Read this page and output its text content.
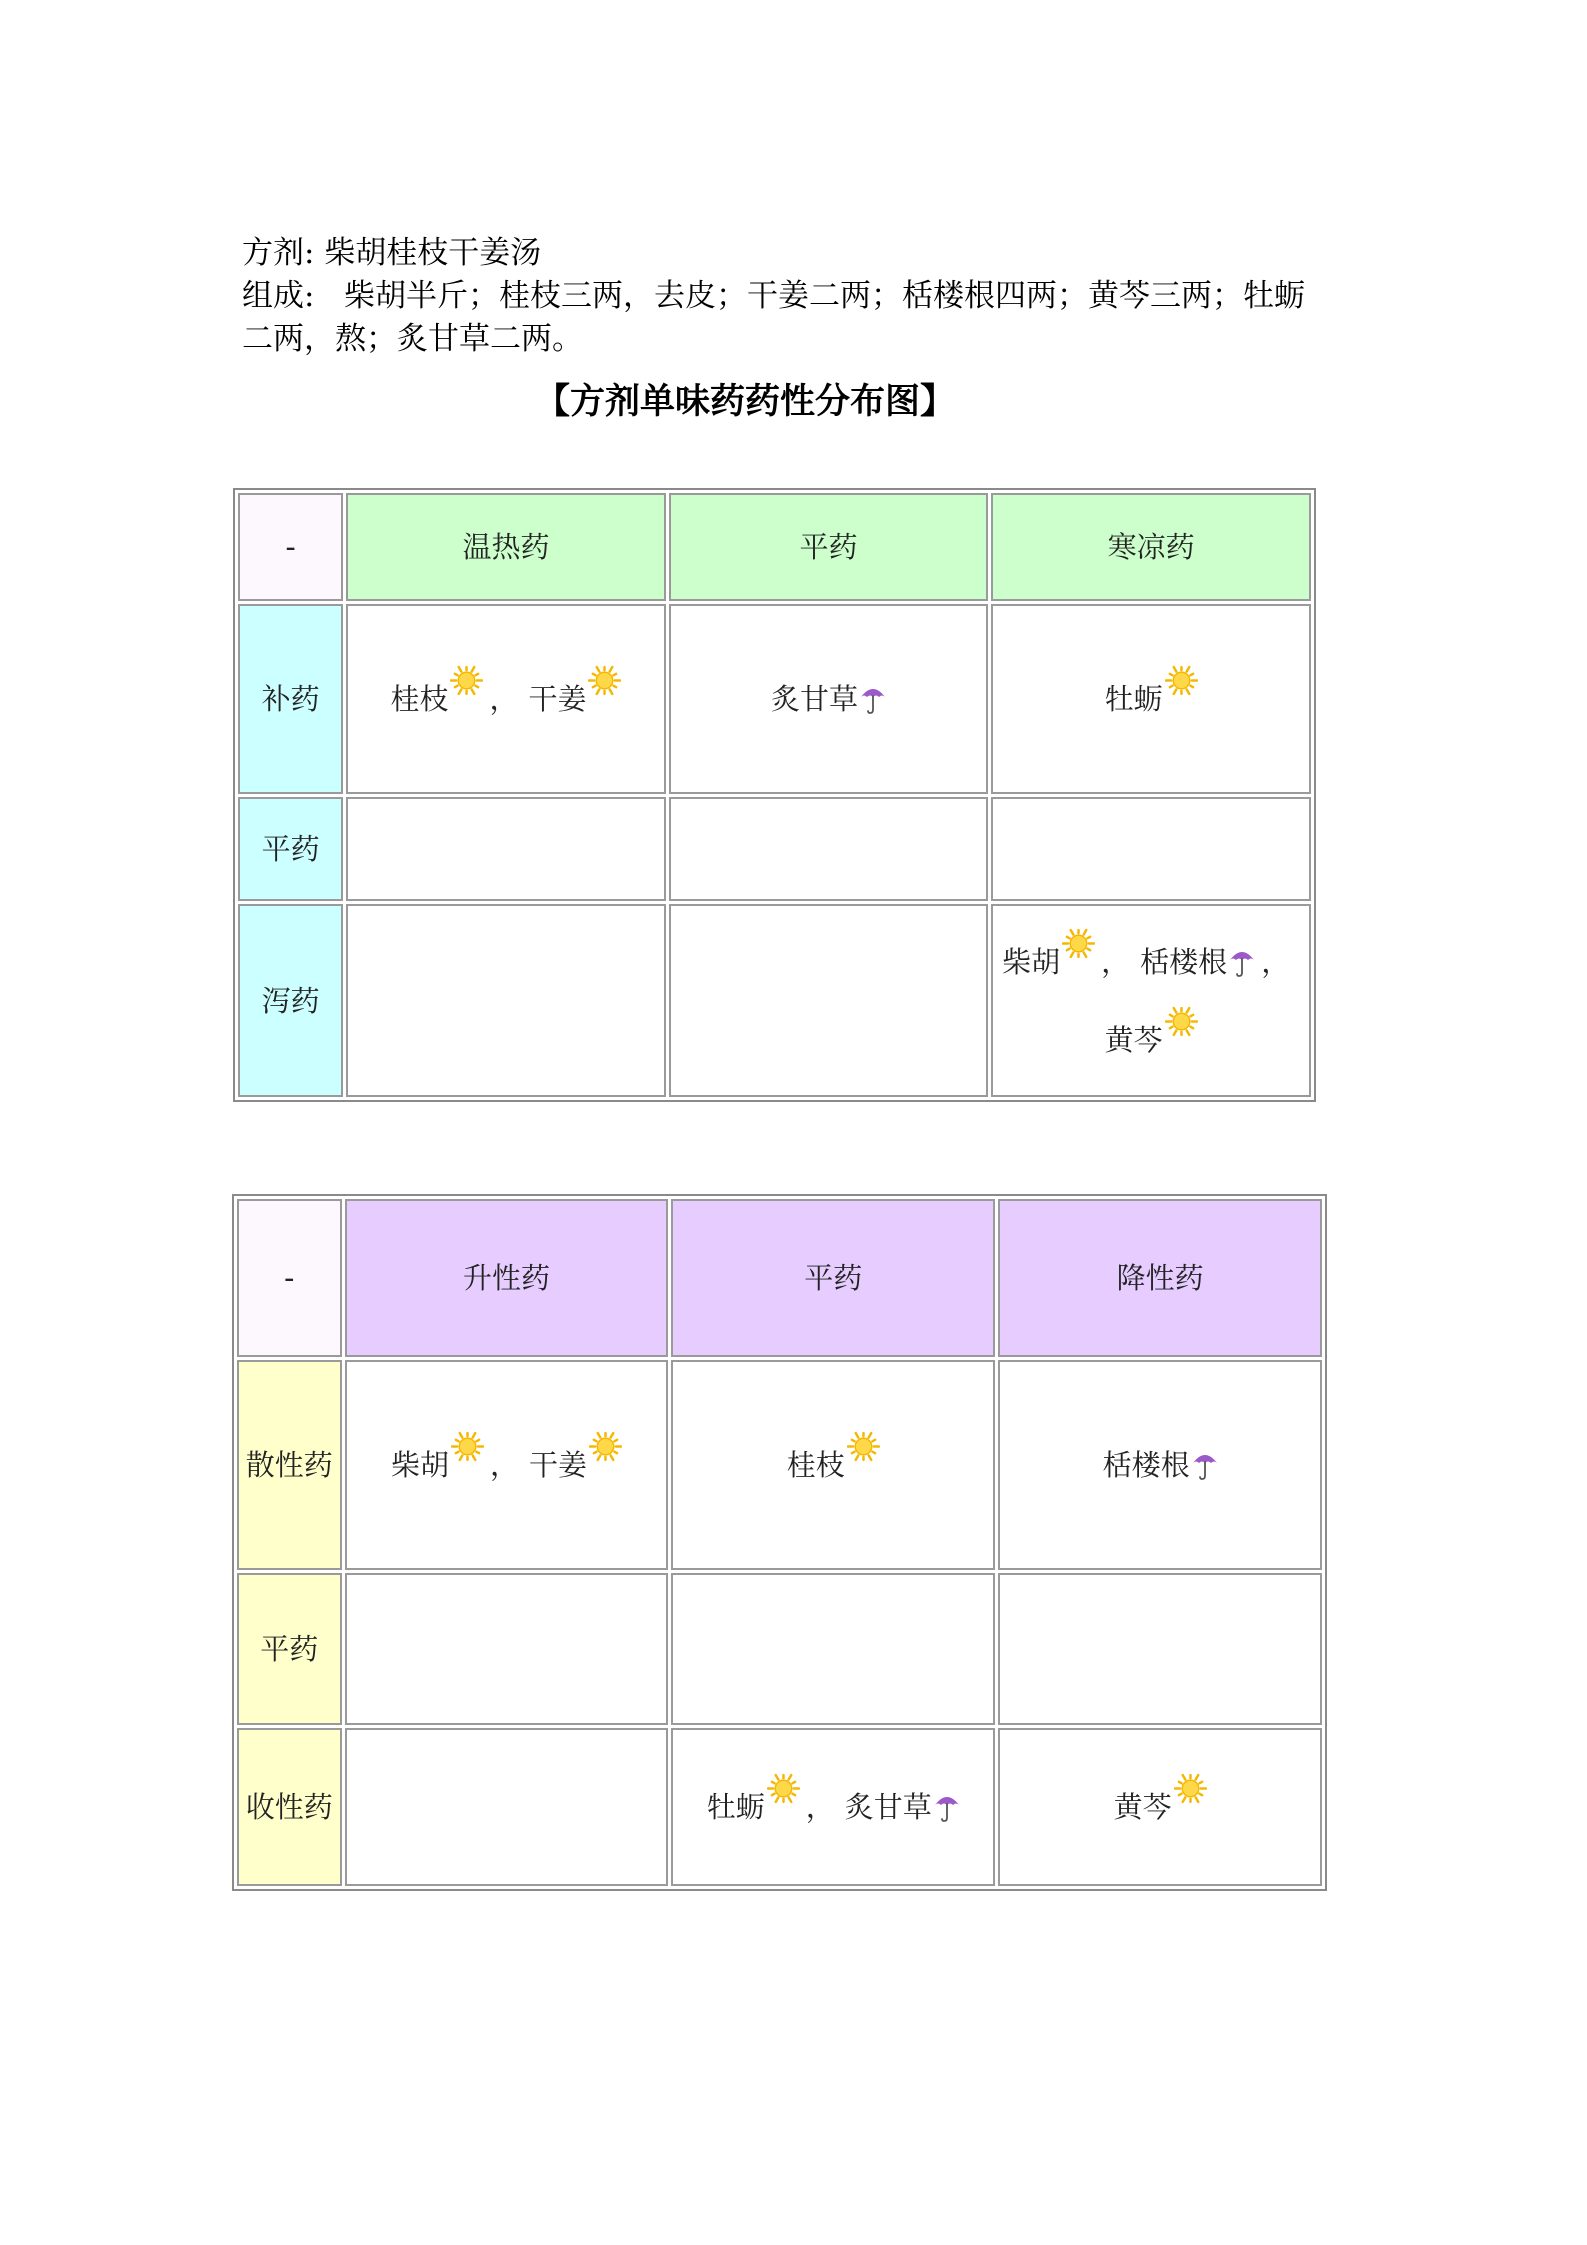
方剂: 柴胡桂枝干姜汤

组成: 柴胡半斤；桂枝三两，去皮；干姜二两；栝楼根四两；黄芩三两；牡蛎

二两，熬；炙甘草二两。

【方剂单味药药性分布图】
-	温热药	平药	寒凉药
补药	桂枝 ， 干姜	炙甘草	牡蛎
平药			
泻药			柴胡 ， 栝楼根 ，黄芩
-	升性药	平药	降性药
散性药	柴胡 ， 干姜	桂枝	栝楼根
平药			
收性药		牡蛎 ， 炙甘草	黄芩
